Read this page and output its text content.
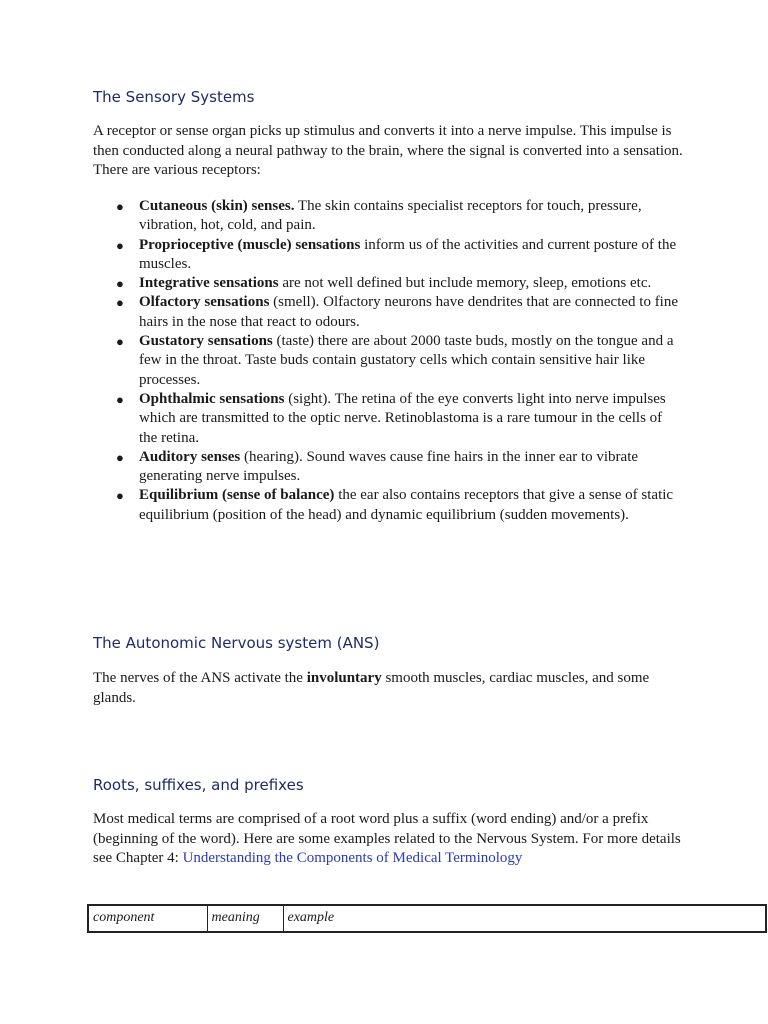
The Sensory Systems

A receptor or sense organ picks up stimulus and converts it into a nerve impulse. This impulse is then conducted along a neural pathway to the brain, where the signal is converted into a sensation. There are various receptors:

● Cutaneous (skin) senses. The skin contains specialist receptors for touch, pressure, vibration, hot, cold, and pain.
● Proprioceptive (muscle) sensations inform us of the activities and current posture of the muscles.
● Integrative sensations are not well defined but include memory, sleep, emotions etc.
● Olfactory sensations (smell). Olfactory neurons have dendrites that are connected to fine hairs in the nose that react to odours.
● Gustatory sensations (taste) there are about 2000 taste buds, mostly on the tongue and a few in the throat. Taste buds contain gustatory cells which contain sensitive hair like processes.
● Ophthalmic sensations (sight). The retina of the eye converts light into nerve impulses which are transmitted to the optic nerve. Retinoblastoma is a rare tumour in the cells of the retina.
● Auditory senses (hearing). Sound waves cause fine hairs in the inner ear to vibrate generating nerve impulses.
● Equilibrium (sense of balance) the ear also contains receptors that give a sense of static equilibrium (position of the head) and dynamic equilibrium (sudden movements).
The Autonomic Nervous system (ANS)

The nerves of the ANS activate the involuntary smooth muscles, cardiac muscles, and some glands.

Roots, suffixes, and prefixes

Most medical terms are comprised of a root word plus a suffix (word ending) and/or a prefix (beginning of the word). Here are some examples related to the Nervous System. For more details see Chapter 4: Understanding the Components of Medical Terminology

component	meaning	example
